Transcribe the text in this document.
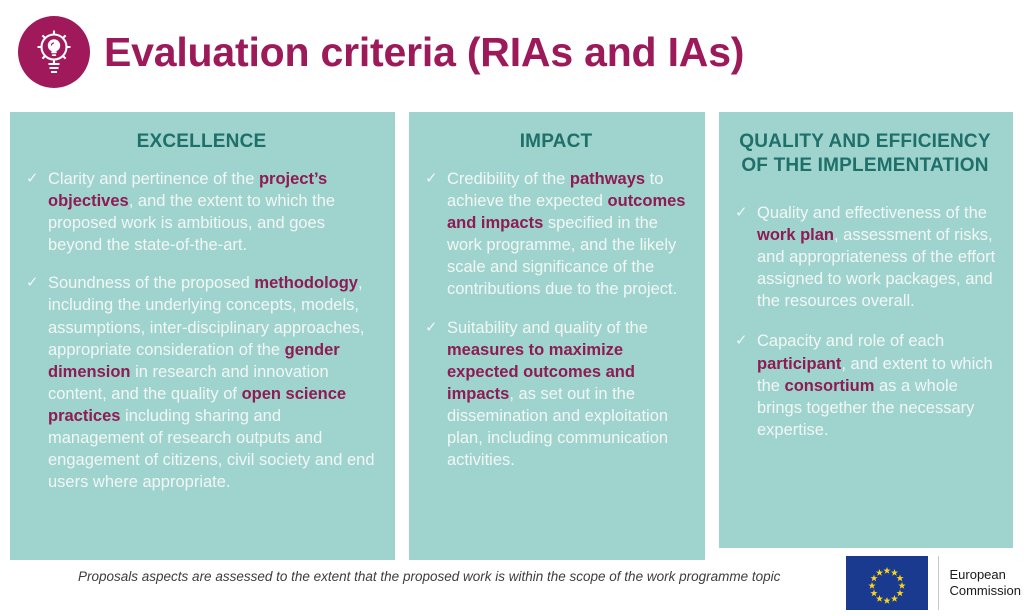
Evaluation criteria (RIAs and IAs)
EXCELLENCE
✓ Clarity and pertinence of the project’s objectives, and the extent to which the proposed work is ambitious, and goes beyond the state-of-the-art.
✓ Soundness of the proposed methodology, including the underlying concepts, models, assumptions, inter-disciplinary approaches, appropriate consideration of the gender dimension in research and innovation content, and the quality of open science practices including sharing and management of research outputs and engagement of citizens, civil society and end users where appropriate.
IMPACT
✓ Credibility of the pathways to achieve the expected outcomes and impacts specified in the work programme, and the likely scale and significance of the contributions due to the project.
✓ Suitability and quality of the measures to maximize expected outcomes and impacts, as set out in the dissemination and exploitation plan, including communication activities.
QUALITY AND EFFICIENCY OF THE IMPLEMENTATION
✓ Quality and effectiveness of the work plan, assessment of risks, and appropriateness of the effort assigned to work packages, and the resources overall.
✓ Capacity and role of each participant, and extent to which the consortium as a whole brings together the necessary expertise.
Proposals aspects are assessed to the extent that the proposed work is within the scope of the work programme topic	European
Commission
